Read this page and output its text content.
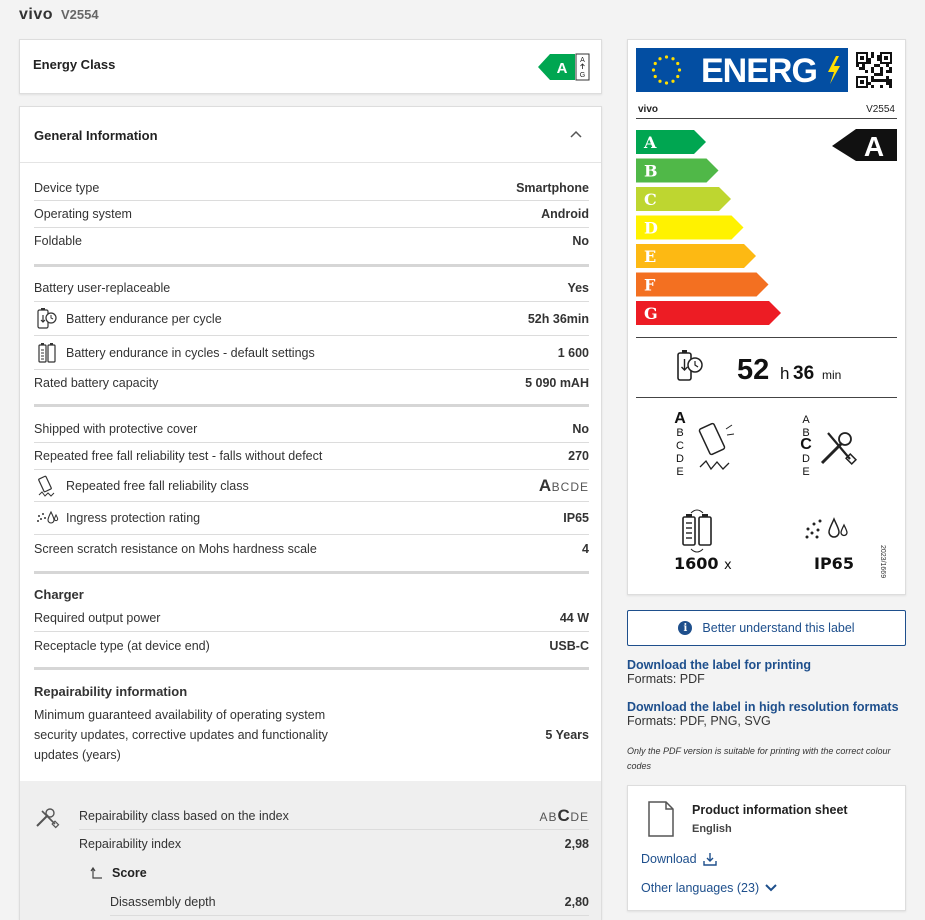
vivo V2554
Energy Class	A A
G
General Information
Device type	Smartphone
Operating system	Android
Foldable	No
Battery user-replaceable	Yes
Battery endurance per cycle	52h 36min
Battery endurance in cycles - default settings	1 600
Rated battery capacity	5 090 mAH
Shipped with protective cover	No
Repeated free fall reliability test - falls without defect	270
Repeated free fall reliability class	ABCDE
Ingress protection rating	IP65
Screen scratch resistance on Mohs hardness scale	4
Charger
Required output power	44 W
Receptacle type (at device end)	USB-C
Repairability information
Minimum guaranteed availability of operating system security updates, corrective updates and functionality updates (years)
5 Years
Repairability class based on the index	ABCDE
Repairability index	2,98
Score
Disassembly depth	2,80
ENERG
vivo	V2554
A
B
C
D
E
F
G
A
52 h 36 min
A
B
C
D
E
A
B
C
D
E
1600 x	IP65	2023/1669
i	Better understand this label
Download the label for printing
Formats: PDF
Download the label in high resolution formats
Formats: PDF, PNG, SVG
Only the PDF version is suitable for printing with the correct colour codes
Product information sheet
English
Download
Other languages (23)
